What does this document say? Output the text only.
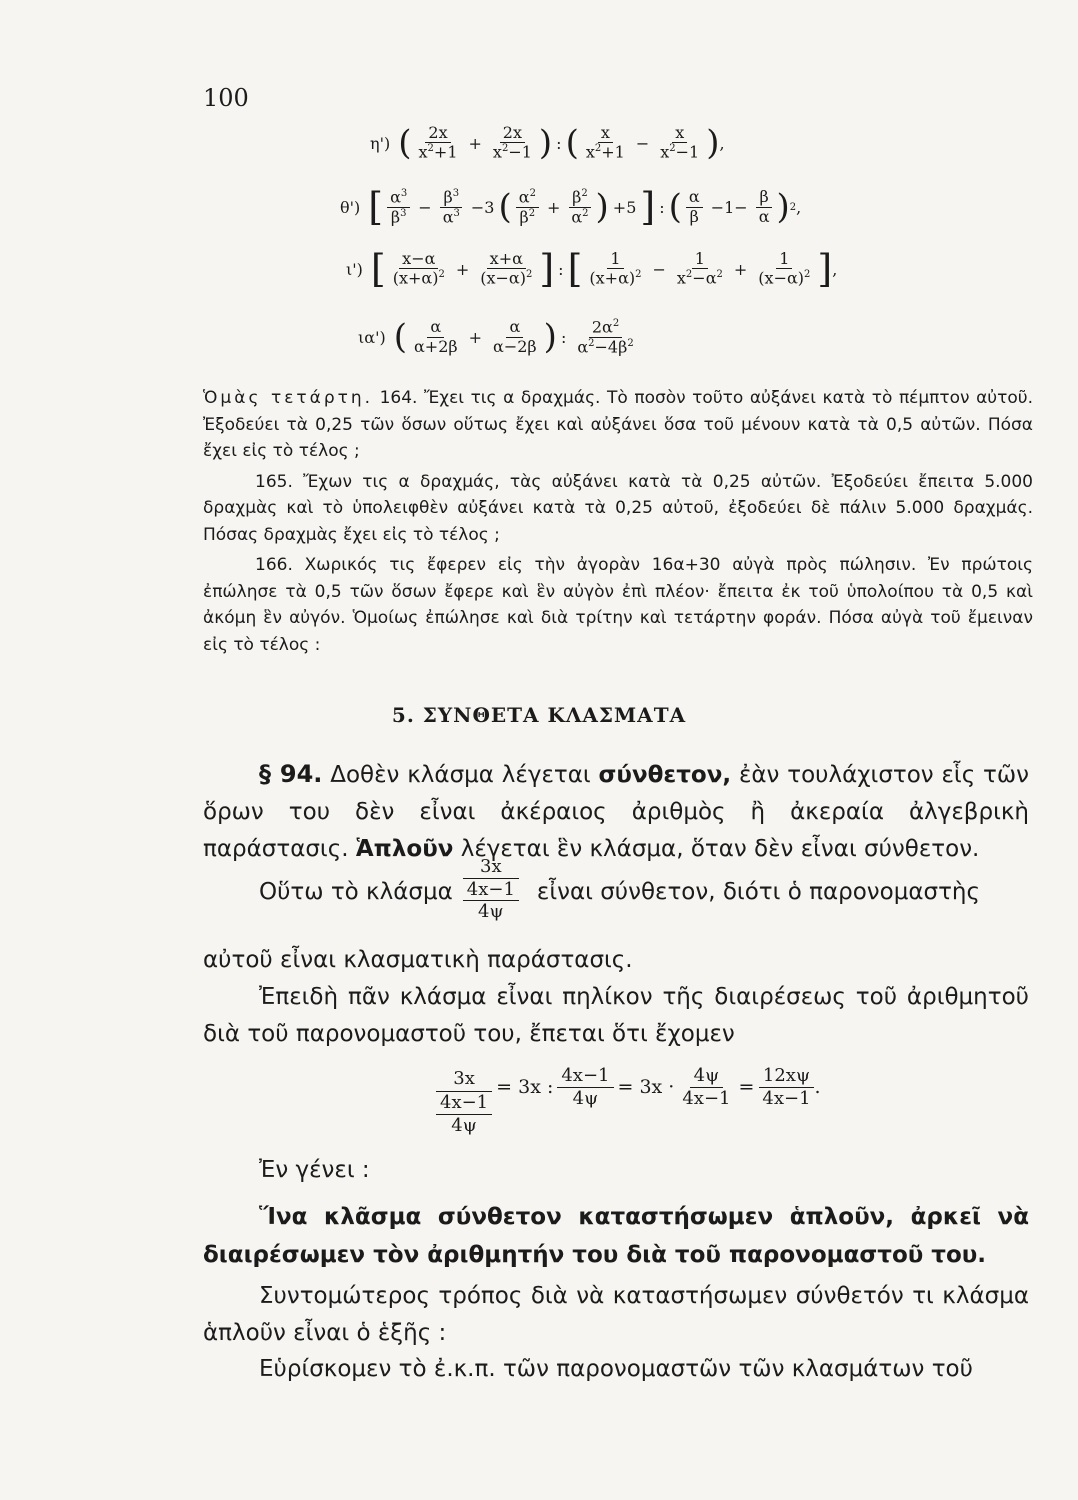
100
η') ( $\frac{2x}{x^2+1} + \frac{2x}{x^2-1}$ ) : ( $\frac{x}{x^2+1} - \frac{x}{x^2-1}$ ) ,
θ') [ $\frac{\alpha^3}{\beta^3} - \frac{\beta^3}{\alpha^3} -3$ ( $\frac{\alpha^2}{\beta^2} + \frac{\beta^2}{\alpha^2}$ ) +5 ] : ( $\frac{\alpha}{\beta} -1- \frac{\beta}{\alpha}$ ) 2 ,
ι') [ $\frac{x-\alpha}{(x+\alpha)^2} + \frac{x+\alpha}{(x-\alpha)^2}$ ] : [ $\frac{1}{(x+\alpha)^2} - \frac{1}{x^2-\alpha^2} + \frac{1}{(x-\alpha)^2}$ ] ,
ια') ( $\frac{\alpha}{\alpha+2\beta} + \frac{\alpha}{\alpha-2\beta}$ ) : $\frac{2\alpha^2}{\alpha^2-4\beta^2}$

Ὁμὰς τετάρτη. 164. Ἔχει τις α δραχμάς. Τὸ ποσὸν τοῦτο αὐξάνει κατὰ τὸ πέμπτον αὐτοῦ. Ἐξοδεύει τὰ 0,25 τῶν ὅσων οὕτως ἔχει καὶ αὐξάνει ὅσα τοῦ μένουν κατὰ τὰ 0,5 αὐτῶν. Πόσα ἔχει εἰς τὸ τέλος ;

165. Ἔχων τις α δραχμάς, τὰς αὐξάνει κατὰ τὰ 0,25 αὐτῶν. Ἐξοδεύει ἔπειτα 5.000 δραχμὰς καὶ τὸ ὑπολειφθὲν αὐξάνει κατὰ τὰ 0,25 αὐτοῦ, ἐξοδεύει δὲ πάλιν 5.000 δραχμάς. Πόσας δραχμὰς ἔχει εἰς τὸ τέλος ;

166. Χωρικός τις ἔφερεν εἰς τὴν ἀγορὰν 16α+30 αὐγὰ πρὸς πώλησιν. Ἐν πρώτοις ἐπώλησε τὰ 0,5 τῶν ὅσων ἔφερε καὶ ἓν αὐγὸν ἐπὶ πλέον· ἔπειτα ἐκ τοῦ ὑπολοίπου τὰ 0,5 καὶ ἀκόμη ἓν αὐγόν. Ὁμοίως ἐπώλησε καὶ διὰ τρίτην καὶ τετάρτην φοράν. Πόσα αὐγὰ τοῦ ἔμειναν εἰς τὸ τέλος :

5. ΣΥΝΘΕΤΑ ΚΛΑΣΜΑΤΑ

§ 94. Δοθὲν κλάσμα λέγεται σύνθετον, ἐὰν τουλάχιστον εἷς τῶν ὅρων του δὲν εἶναι ἀκέραιος ἀριθμὸς ἢ ἀκεραία ἀλγεβρικὴ παράστασις. Ἁπλοῦν λέγεται ἓν κλάσμα, ὅταν δὲν εἶναι σύνθετον.

Οὕτω τὸ κλάσμα 3x
4x−1
4ψ εἶναι σύνθετον, διότι ὁ παρονομαστὴς
αὐτοῦ εἶναι κλασματικὴ παράστασις.

Ἐπειδὴ πᾶν κλάσμα εἶναι πηλίκον τῆς διαιρέσεως τοῦ ἀριθμητοῦ διὰ τοῦ παρονομαστοῦ του, ἔπεται ὅτι ἔχομεν

3x
4x−1
4ψ = 3x : $\frac{4x-1}{4\psi} = 3x \cdot \frac{4\psi}{4x-1} = \frac{12x\psi}{4x-1}$ .

Ἐν γένει :

Ἵνα κλᾶσμα σύνθετον καταστήσωμεν ἁπλοῦν, ἀρκεῖ νὰ διαιρέσωμεν τὸν ἀριθμητήν του διὰ τοῦ παρονομαστοῦ του.

Συντομώτερος τρόπος διὰ νὰ καταστήσωμεν σύνθετόν τι κλάσμα ἁπλοῦν εἶναι ὁ ἑξῆς :

Εὑρίσκομεν τὸ ἐ.κ.π. τῶν παρονομαστῶν τῶν κλασμάτων τοῦ
